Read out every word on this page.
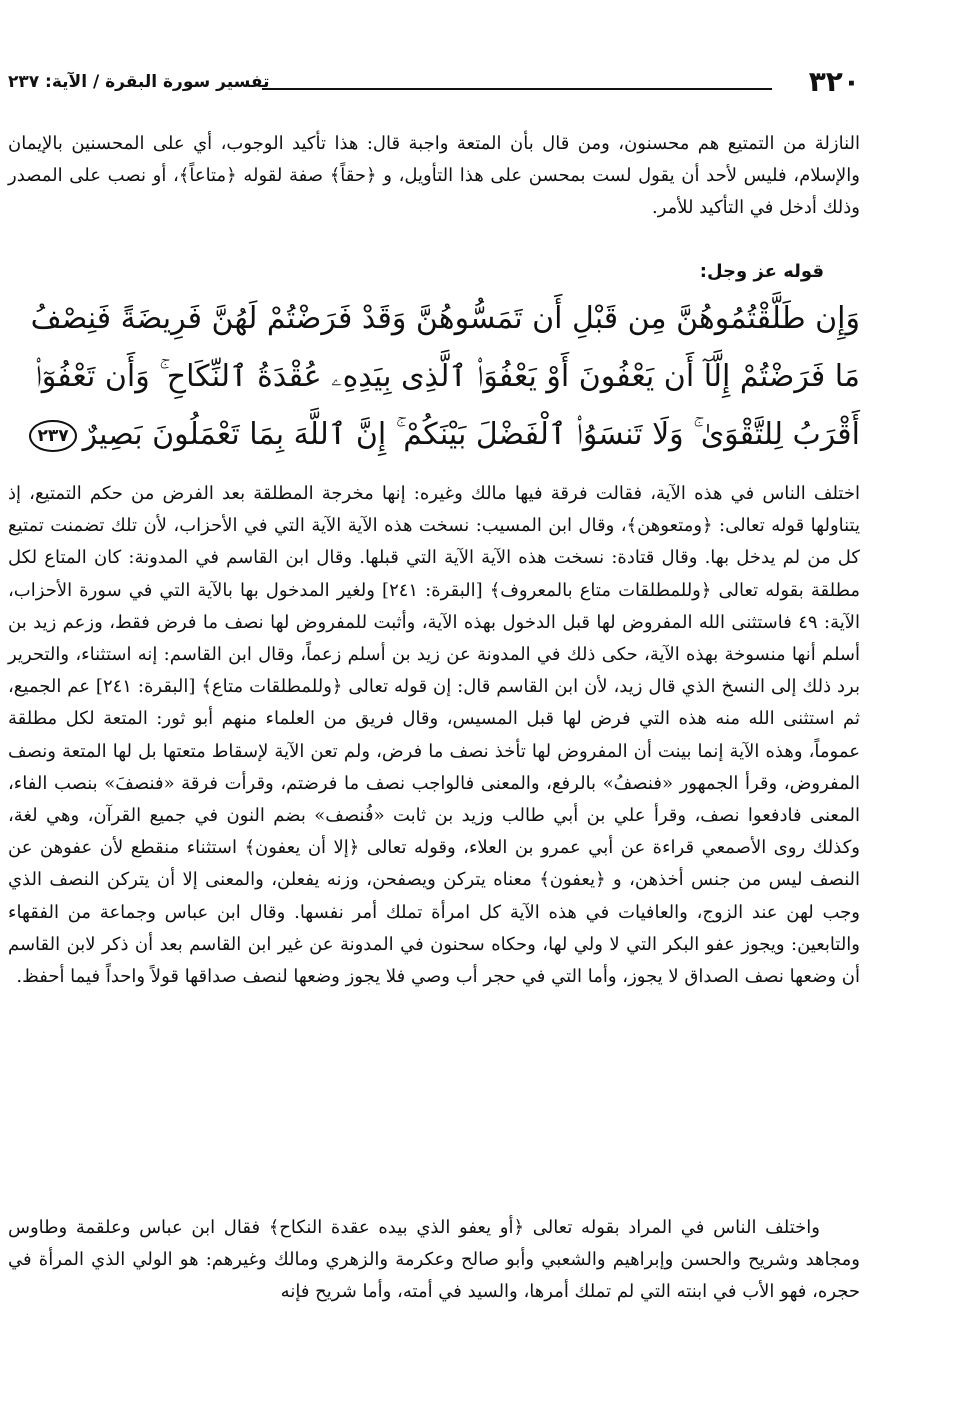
٣٢٠
تفسير سورة البقرة / الآية: ٢٣٧

النازلة من التمتيع هم محسنون، ومن قال بأن المتعة واجبة قال: هذا تأكيد الوجوب، أي على المحسنين بالإيمان والإسلام، فليس لأحد أن يقول لست بمحسن على هذا التأويل، و ﴿حقاً﴾ صفة لقوله ﴿متاعاً﴾، أو نصب على المصدر وذلك أدخل في التأكيد للأمر.

قوله عز وجل:

وَإِن طَلَّقْتُمُوهُنَّ مِن قَبْلِ أَن تَمَسُّوهُنَّ وَقَدْ فَرَضْتُمْ لَهُنَّ فَرِيضَةً فَنِصْفُ مَا فَرَضْتُمْ إِلَّآ أَن يَعْفُونَ أَوْ يَعْفُوَا۟ ٱلَّذِى بِيَدِهِۦ عُقْدَةُ ٱلنِّكَاحِ ۚ وَأَن تَعْفُوٓا۟ أَقْرَبُ لِلتَّقْوَىٰ ۚ وَلَا تَنسَوُا۟ ٱلْفَضْلَ بَيْنَكُمْ ۚ إِنَّ ٱللَّهَ بِمَا تَعْمَلُونَ بَصِيرٌ٢٣٧

اختلف الناس في هذه الآية، فقالت فرقة فيها مالك وغيره: إنها مخرجة المطلقة بعد الفرض من حكم التمتيع، إذ يتناولها قوله تعالى: ﴿ومتعوهن﴾، وقال ابن المسيب: نسخت هذه الآية الآية التي في الأحزاب، لأن تلك تضمنت تمتيع كل من لم يدخل بها. وقال قتادة: نسخت هذه الآية الآية التي قبلها. وقال ابن القاسم في المدونة: كان المتاع لكل مطلقة بقوله تعالى ﴿وللمطلقات متاع بالمعروف﴾ [البقرة: ٢٤١] ولغير المدخول بها بالآية التي في سورة الأحزاب، الآية: ٤٩ فاستثنى الله المفروض لها قبل الدخول بهذه الآية، وأثبت للمفروض لها نصف ما فرض فقط، وزعم زيد بن أسلم أنها منسوخة بهذه الآية، حكى ذلك في المدونة عن زيد بن أسلم زعماً، وقال ابن القاسم: إنه استثناء، والتحرير برد ذلك إلى النسخ الذي قال زيد، لأن ابن القاسم قال: إن قوله تعالى ﴿وللمطلقات متاع﴾ [البقرة: ٢٤١] عم الجميع، ثم استثنى الله منه هذه التي فرض لها قبل المسيس، وقال فريق من العلماء منهم أبو ثور: المتعة لكل مطلقة عموماً، وهذه الآية إنما بينت أن المفروض لها تأخذ نصف ما فرض، ولم تعن الآية لإسقاط متعتها بل لها المتعة ونصف المفروض، وقرأ الجمهور «فنصفُ» بالرفع، والمعنى فالواجب نصف ما فرضتم، وقرأت فرقة «فنصفَ» بنصب الفاء، المعنى فادفعوا نصف، وقرأ علي بن أبي طالب وزيد بن ثابت «فُنصف» بضم النون في جميع القرآن، وهي لغة، وكذلك روى الأصمعي قراءة عن أبي عمرو بن العلاء، وقوله تعالى ﴿إلا أن يعفون﴾ استثناء منقطع لأن عفوهن عن النصف ليس من جنس أخذهن، و ﴿يعفون﴾ معناه يتركن ويصفحن، وزنه يفعلن، والمعنى إلا أن يتركن النصف الذي وجب لهن عند الزوج، والعافيات في هذه الآية كل امرأة تملك أمر نفسها. وقال ابن عباس وجماعة من الفقهاء والتابعين: ويجوز عفو البكر التي لا ولي لها، وحكاه سحنون في المدونة عن غير ابن القاسم بعد أن ذكر لابن القاسم أن وضعها نصف الصداق لا يجوز، وأما التي في حجر أب وصي فلا يجوز وضعها لنصف صداقها قولاً واحداً فيما أحفظ.

واختلف الناس في المراد بقوله تعالى ﴿أو يعفو الذي بيده عقدة النكاح﴾ فقال ابن عباس وعلقمة وطاوس ومجاهد وشريح والحسن وإبراهيم والشعبي وأبو صالح وعكرمة والزهري ومالك وغيرهم: هو الولي الذي المرأة في حجره، فهو الأب في ابنته التي لم تملك أمرها، والسيد في أمته، وأما شريح فإنه
